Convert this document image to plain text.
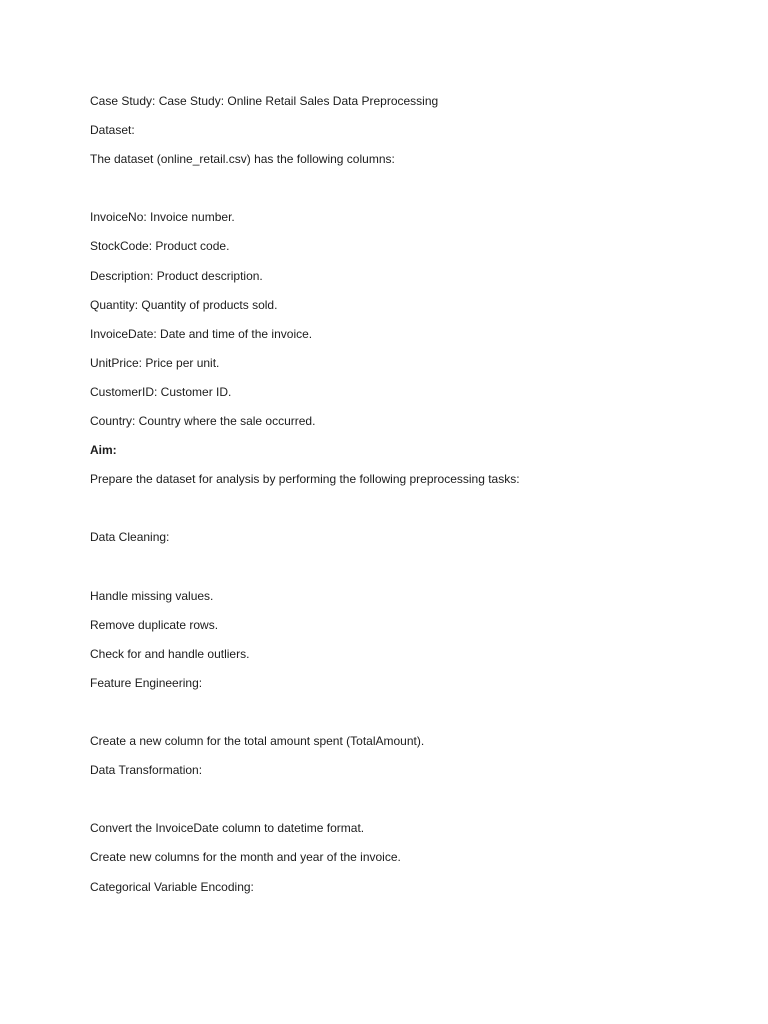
Case Study: Case Study: Online Retail Sales Data Preprocessing

Dataset:

The dataset (online_retail.csv) has the following columns:

InvoiceNo: Invoice number.
StockCode: Product code.
Description: Product description.
Quantity: Quantity of products sold.
InvoiceDate: Date and time of the invoice.
UnitPrice: Price per unit.
CustomerID: Customer ID.
Country: Country where the sale occurred.

Aim:

Prepare the dataset for analysis by performing the following preprocessing tasks:

Data Cleaning:

Handle missing values.
Remove duplicate rows.
Check for and handle outliers.

Feature Engineering:

Create a new column for the total amount spent (TotalAmount).

Data Transformation:

Convert the InvoiceDate column to datetime format.
Create new columns for the month and year of the invoice.

Categorical Variable Encoding:
